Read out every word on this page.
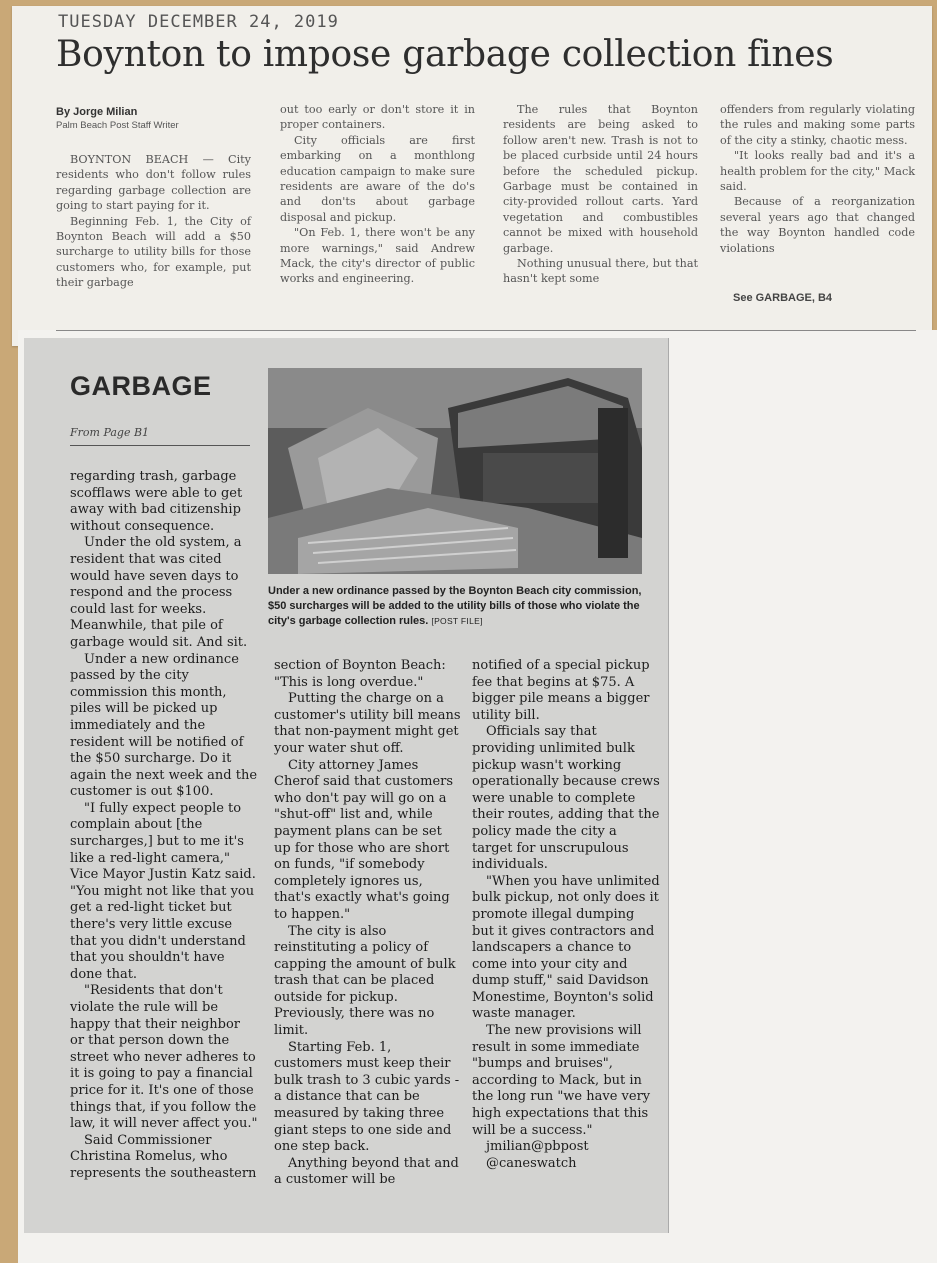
TUESDAY DECEMBER 24, 2019
Boynton to impose garbage collection fines
By Jorge Milian
Palm Beach Post Staff Writer

BOYNTON BEACH — City residents who don't follow rules regarding garbage collection are going to start paying for it.

Beginning Feb. 1, the City of Boynton Beach will add a $50 surcharge to utility bills for those customers who, for example, put their garbage

out too early or don't store it in proper containers.

City officials are first embarking on a monthlong education campaign to make sure residents are aware of the do's and don'ts about garbage disposal and pickup.

"On Feb. 1, there won't be any more warnings," said Andrew Mack, the city's director of public works and engineering.

The rules that Boynton residents are being asked to follow aren't new. Trash is not to be placed curbside until 24 hours before the scheduled pickup. Garbage must be contained in city-provided rollout carts. Yard vegetation and combustibles cannot be mixed with household garbage.

Nothing unusual there, but that hasn't kept some

offenders from regularly violating the rules and making some parts of the city a stinky, chaotic mess.

"It looks really bad and it's a health problem for the city," Mack said.

Because of a reorganization several years ago that changed the way Boynton handled code violations

See GARBAGE, B4
GARBAGE
From Page B1
Under a new ordinance passed by the Boynton Beach city commission, $50 surcharges will be added to the utility bills of those who violate the city's garbage collection rules. [POST FILE]

regarding trash, garbage scofflaws were able to get away with bad citizenship without consequence.

Under the old system, a resident that was cited would have seven days to respond and the process could last for weeks. Meanwhile, that pile of garbage would sit. And sit.

Under a new ordinance passed by the city commission this month, piles will be picked up immediately and the resident will be notified of the $50 surcharge. Do it again the next week and the customer is out $100.

"I fully expect people to complain about [the surcharges,] but to me it's like a red-light camera," Vice Mayor Justin Katz said. "You might not like that you get a red-light ticket but there's very little excuse that you didn't understand that you shouldn't have done that.

"Residents that don't violate the rule will be happy that their neighbor or that person down the street who never adheres to it is going to pay a financial price for it. It's one of those things that, if you follow the law, it will never affect you."

Said Commissioner Christina Romelus, who represents the southeastern

section of Boynton Beach: "This is long overdue."

Putting the charge on a customer's utility bill means that non-payment might get your water shut off.

City attorney James Cherof said that customers who don't pay will go on a "shut-off" list and, while payment plans can be set up for those who are short on funds, "if somebody completely ignores us, that's exactly what's going to happen."

The city is also reinstituting a policy of capping the amount of bulk trash that can be placed outside for pickup. Previously, there was no limit.

Starting Feb. 1, customers must keep their bulk trash to 3 cubic yards - a distance that can be measured by taking three giant steps to one side and one step back.

Anything beyond that and a customer will be

notified of a special pickup fee that begins at $75. A bigger pile means a bigger utility bill.

Officials say that providing unlimited bulk pickup wasn't working operationally because crews were unable to complete their routes, adding that the policy made the city a target for unscrupulous individuals.

"When you have unlimited bulk pickup, not only does it promote illegal dumping but it gives contractors and landscapers a chance to come into your city and dump stuff," said Davidson Monestime, Boynton's solid waste manager.

The new provisions will result in some immediate "bumps and bruises", according to Mack, but in the long run "we have very high expectations that this will be a success."

jmilian@pbpost

@caneswatch
